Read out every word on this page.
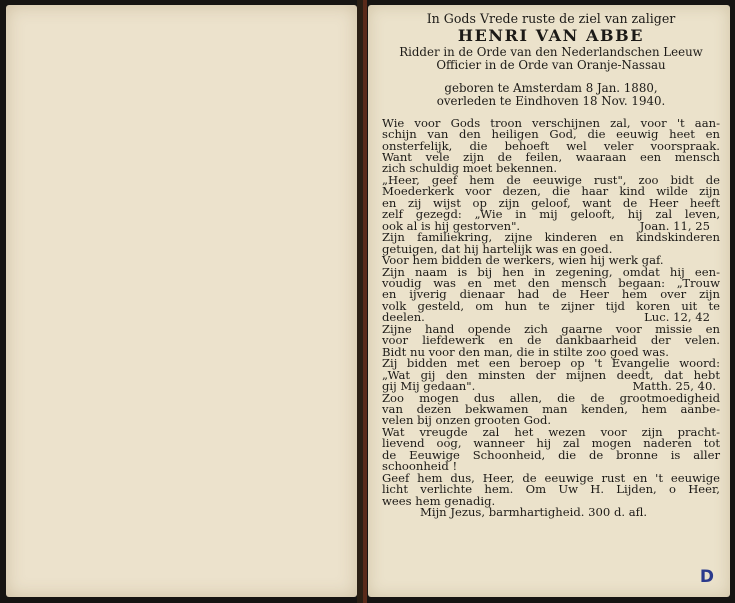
In Gods Vrede ruste de ziel van zaliger
HENRI VAN ABBE
Ridder in de Orde van den Nederlandschen Leeuw
Officier in de Orde van Oranje-Nassau
geboren te Amsterdam 8 Jan. 1880,
overleden te Eindhoven 18 Nov. 1940.
Wie voor Gods troon verschijnen zal, voor 't aan-
schijn van den heiligen God, die eeuwig heet en
onsterfelijk, die behoeft wel veler voorspraak.
Want vele zijn de feilen, waaraan een mensch
zich schuldig moet bekennen.
„Heer, geef hem de eeuwige rust", zoo bidt de
Moederkerk voor dezen, die haar kind wilde zijn
en zij wijst op zijn geloof, want de Heer heeft
zelf gezegd: „Wie in mij gelooft, hij zal leven,
ook al is hij gestorven".	Joan. 11, 25
Zijn familiekring, zijne kinderen en kindskinderen
getuigen, dat hij hartelijk was en goed.
Voor hem bidden de werkers, wien hij werk gaf.
Zijn naam is bij hen in zegening, omdat hij een-
voudig was en met den mensch begaan: „Trouw
en ijverig dienaar had de Heer hem over zijn
volk gesteld, om hun te zijner tijd koren uit te
deelen.	Luc. 12, 42
Zijne hand opende zich gaarne voor missie en
voor liefdewerk en de dankbaarheid der velen.
Bidt nu voor den man, die in stilte zoo goed was.
Zij bidden met een beroep op 't Evangelie woord:
„Wat gij den minsten der mijnen deedt, dat hebt
gij Mij gedaan".	Matth. 25, 40.
Zoo mogen dus allen, die de grootmoedigheid
van dezen bekwamen man kenden, hem aanbe-
velen bij onzen grooten God.
Wat vreugde zal het wezen voor zijn pracht-
lievend oog, wanneer hij zal mogen naderen tot
de Eeuwige Schoonheid, die de bronne is aller
schoonheid !
Geef hem dus, Heer, de eeuwige rust en 't eeuwige
licht verlichte hem. Om Uw H. Lijden, o Heer,
wees hem genadig.
Mijn Jezus, barmhartigheid. 300 d. afl.
D
